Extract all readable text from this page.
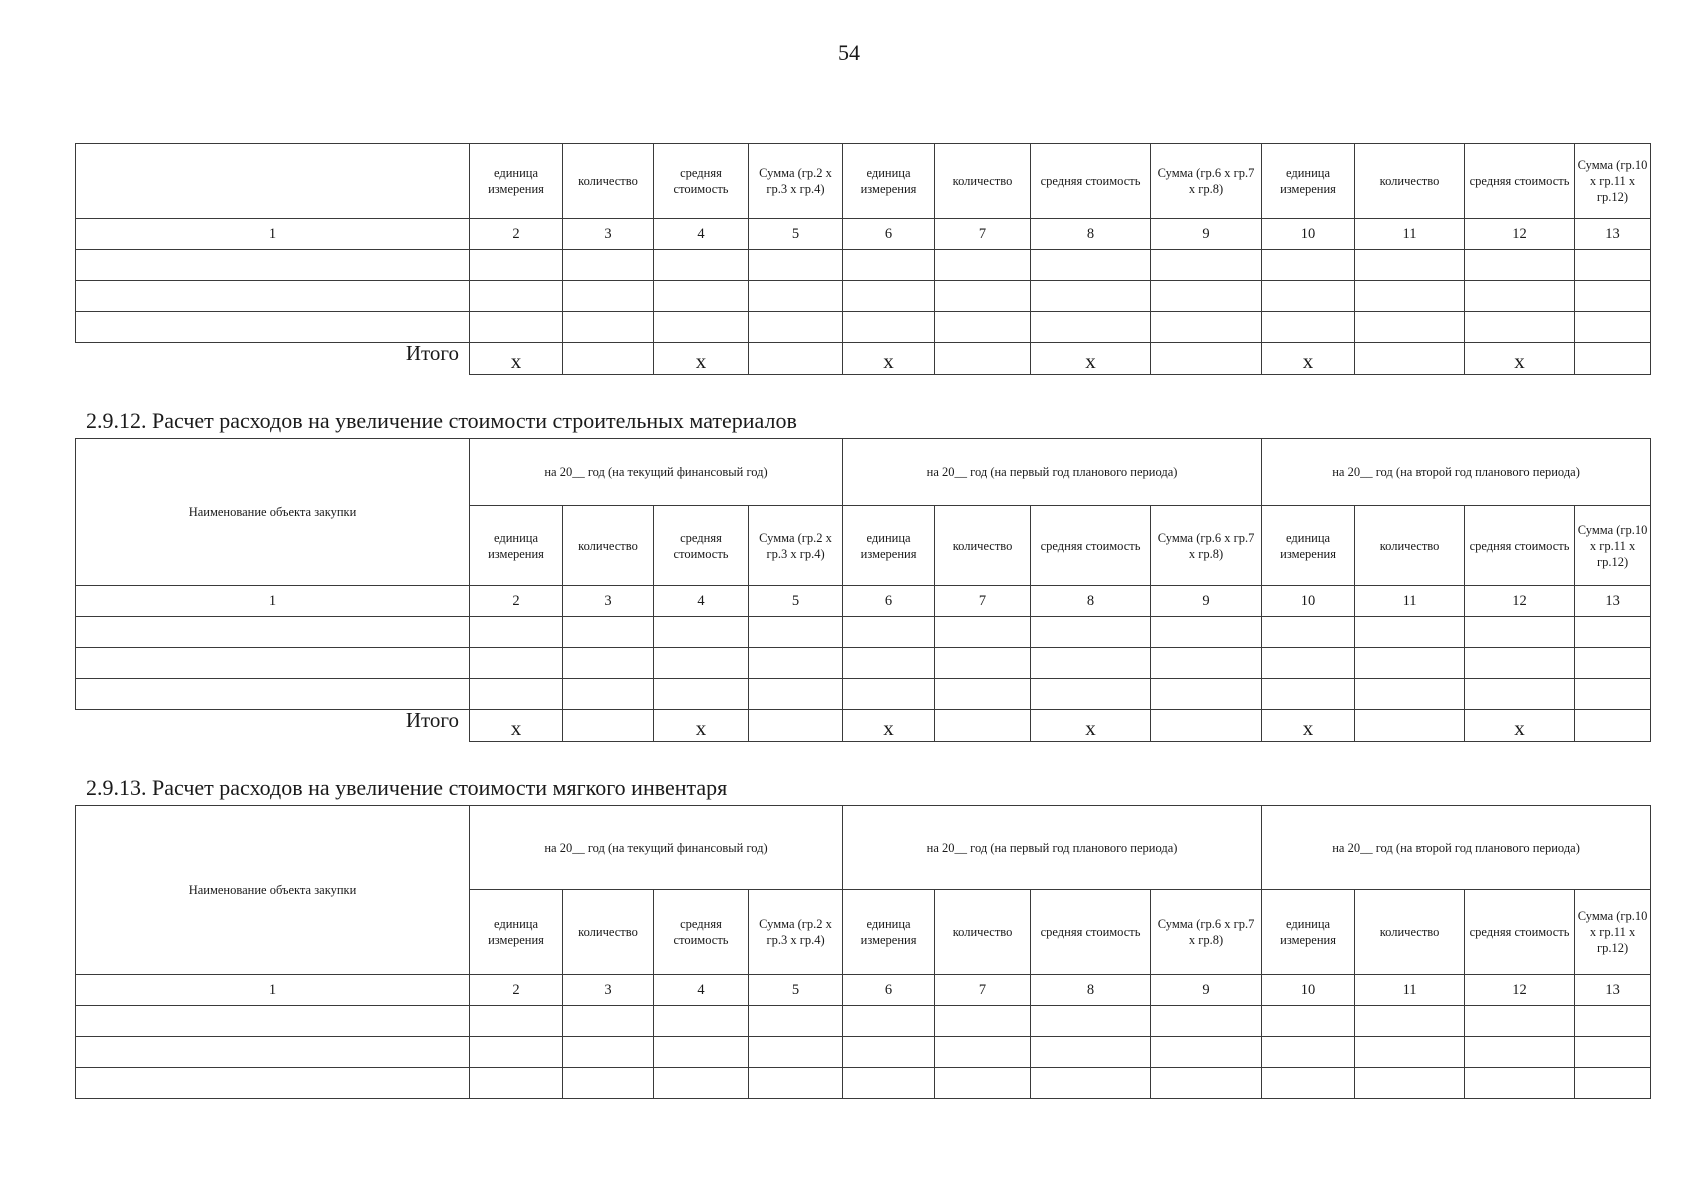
54
	единица измерения	количество	средняя стоимость	Сумма (гр.2 х гр.3 х гр.4)	единица измерения	количество	средняя стоимость	Сумма (гр.6 х гр.7 х гр.8)	единица измерения	количество	средняя стоимость	Сумма (гр.10 х гр.11 х гр.12)
1	2	3	4	5	6	7	8	9	10	11	12	13

Итого	х		х		х		х		х		х	
2.9.12. Расчет расходов на увеличение стоимости строительных материалов
Наименование объекта закупки	на 20__ год (на текущий финансовый год)				на 20__ год (на первый год планового периода)				на 20__ год (на второй год планового периода)			
	единица измерения	количество	средняя стоимость	Сумма (гр.2 х гр.3 х гр.4)	единица измерения	количество	средняя стоимость	Сумма (гр.6 х гр.7 х гр.8)	единица измерения	количество	средняя стоимость	Сумма (гр.10 х гр.11 х гр.12)
1	2	3	4	5	6	7	8	9	10	11	12	13

Итого	х		х		х		х		х		х	
2.9.13. Расчет расходов на увеличение стоимости мягкого инвентаря
Наименование объекта закупки	на 20__ год (на текущий финансовый год)				на 20__ год (на первый год планового периода)				на 20__ год (на второй год планового периода)			
	единица измерения	количество	средняя стоимость	Сумма (гр.2 х гр.3 х гр.4)	единица измерения	количество	средняя стоимость	Сумма (гр.6 х гр.7 х гр.8)	единица измерения	количество	средняя стоимость	Сумма (гр.10 х гр.11 х гр.12)
1	2	3	4	5	6	7	8	9	10	11	12	13
